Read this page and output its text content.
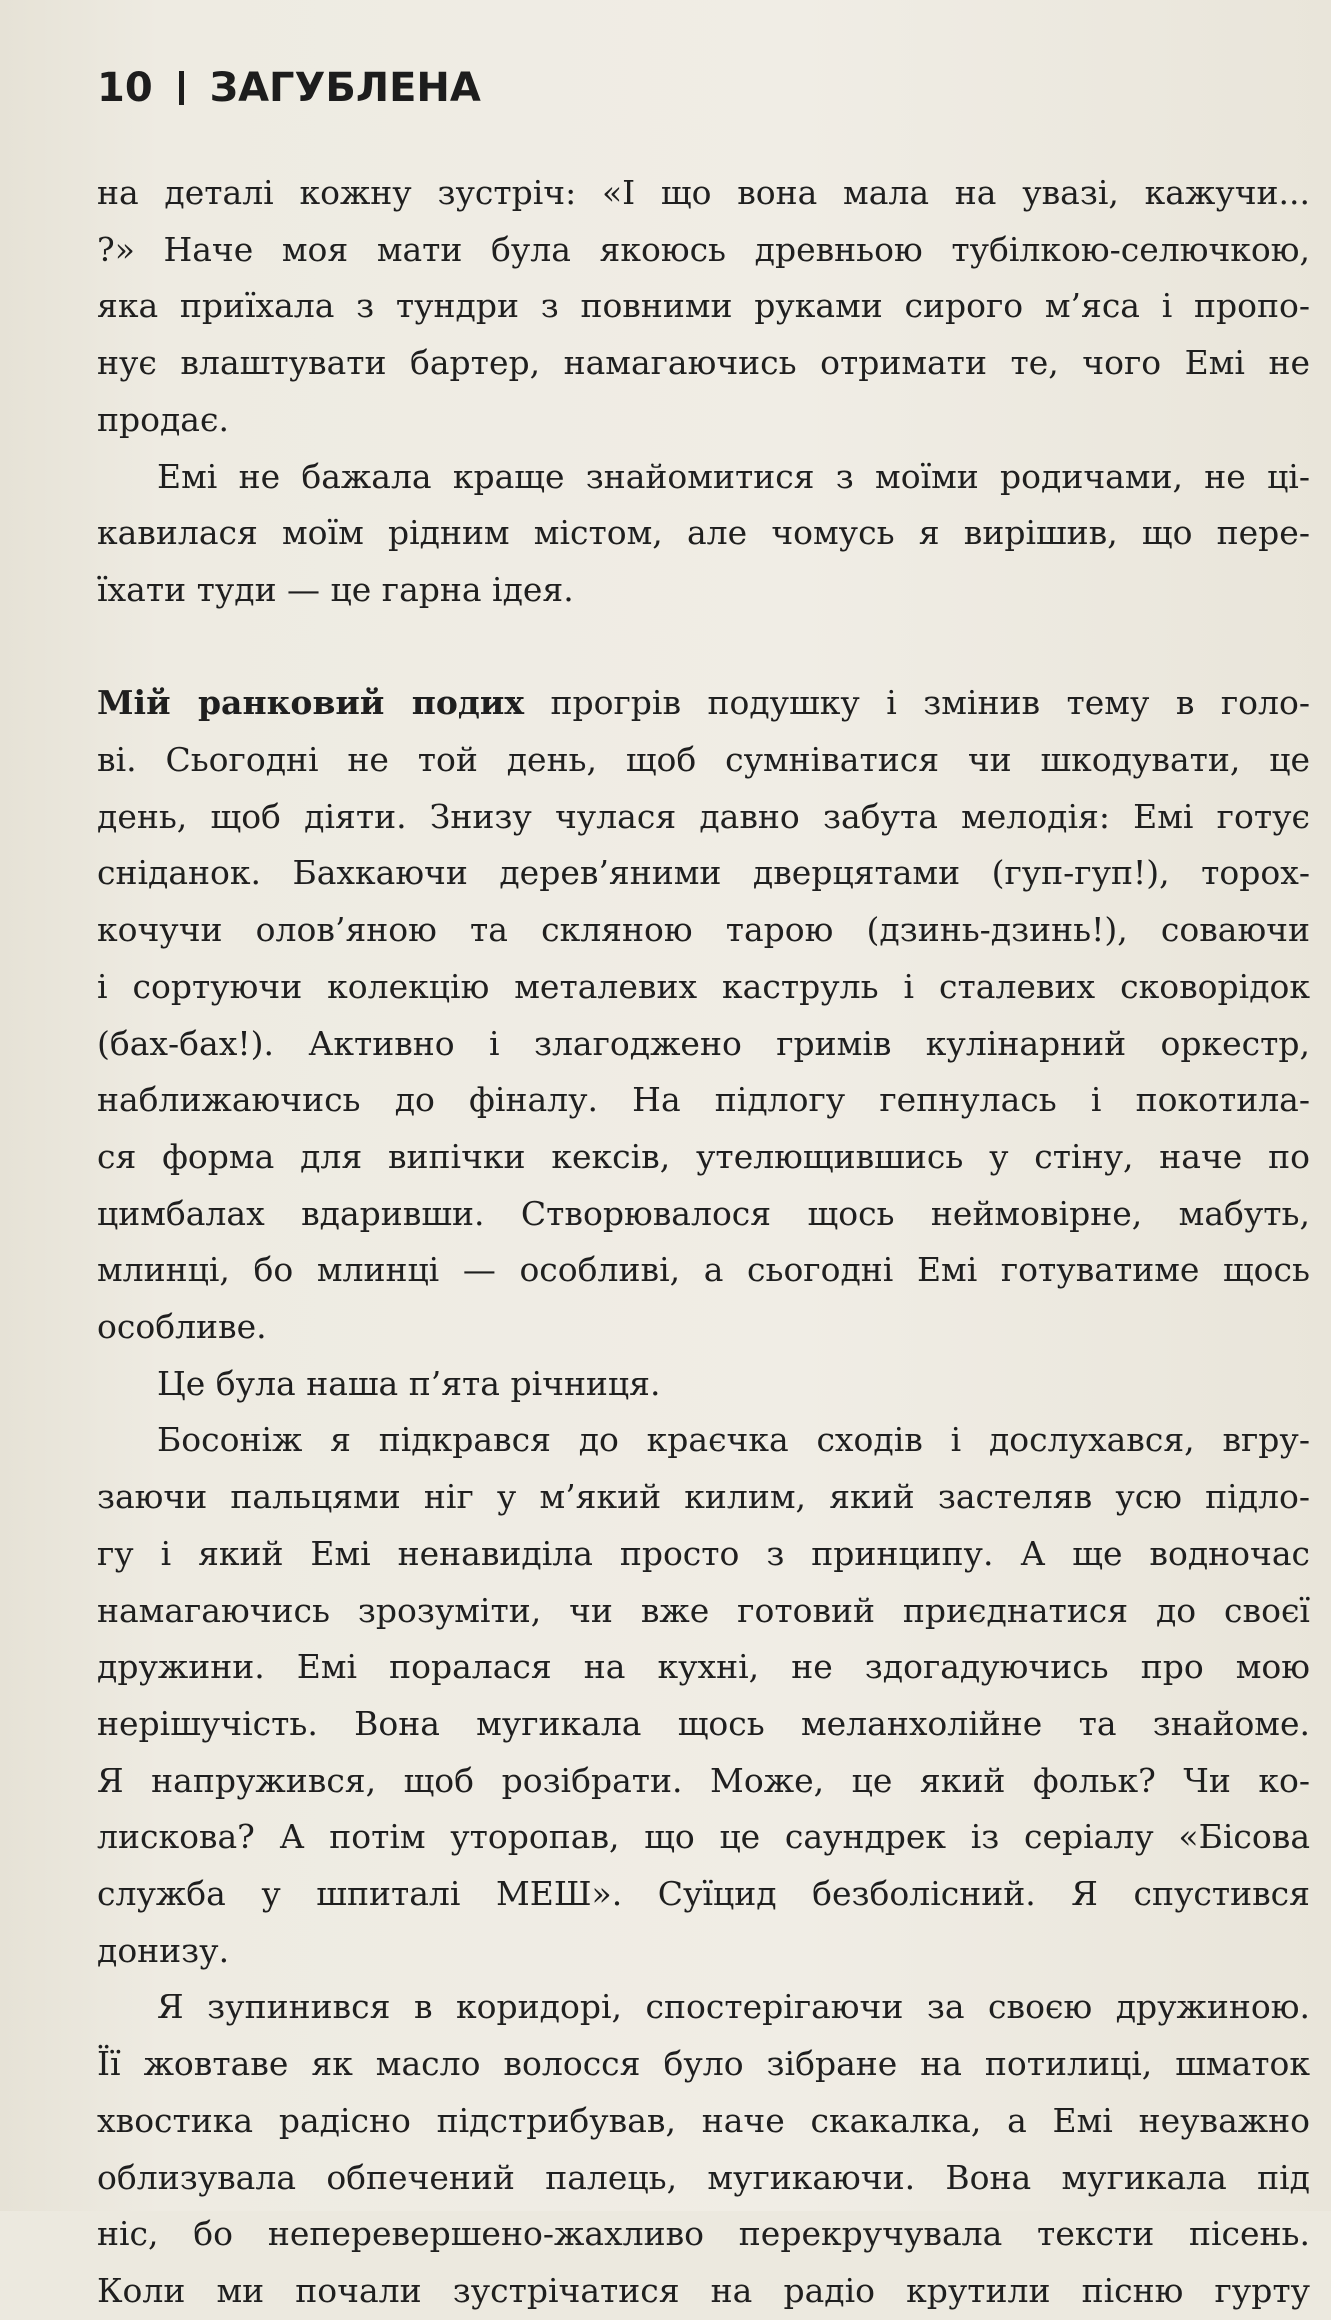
10 ЗАГУБЛЕНА

на деталі кожну зустріч: «І що вона мала на увазі, кажучи...
?» Наче моя мати була якоюсь древньою тубілкою-селючкою,
яка приїхала з тундри з повними руками сирого м’яса і пропо-
нує влаштувати бартер, намагаючись отримати те, чого Емі не
продає.

Емі не бажала краще знайомитися з моїми родичами, не ці-
кавилася моїм рідним містом, але чомусь я вирішив, що пере-
їхати туди — це гарна ідея.

Мій ранковий подих прогрів подушку і змінив тему в голо-
ві. Сьогодні не той день, щоб сумніватися чи шкодувати, це
день, щоб діяти. Знизу чулася давно забута мелодія: Емі готує
сніданок. Бахкаючи дерев’яними дверцятами (гуп-гуп!), торох-
кочучи олов’яною та скляною тарою (дзинь-дзинь!), соваючи
і сортуючи колекцію металевих каструль і сталевих сковорідок
(бах-бах!). Активно і злагоджено гримів кулінарний оркестр,
наближаючись до фіналу. На підлогу гепнулась і покотила-
ся форма для випічки кексів, утелющившись у стіну, наче по
цимбалах вдаривши. Створювалося щось неймовірне, мабуть,
млинці, бо млинці — особливі, а сьогодні Емі готуватиме щось
особливе.

Це була наша п’ята річниця.

Босоніж я підкрався до краєчка сходів і дослухався, вгру-
заючи пальцями ніг у м’який килим, який застеляв усю підло-
гу і який Емі ненавиділа просто з принципу. А ще водночас
намагаючись зрозуміти, чи вже готовий приєднатися до своєї
дружини. Емі поралася на кухні, не здогадуючись про мою
нерішучість. Вона мугикала щось меланхолійне та знайоме.
Я напружився, щоб розібрати. Може, це який фольк? Чи ко-
лискова? А потім уторопав, що це саундрек із серіалу «Бісова
служба у шпиталі МЕШ». Суїцид безболісний. Я спустився
донизу.

Я зупинився в коридорі, спостерігаючи за своєю дружиною.
Її жовтаве як масло волосся було зібране на потилиці, шматок
хвостика радісно підстрибував, наче скакалка, а Емі неуважно
облизувала обпечений палець, мугикаючи. Вона мугикала під
ніс, бо неперевершено-жахливо перекручувала тексти пісень.
Коли ми почали зустрічатися на радіо крутили пісню гурту
